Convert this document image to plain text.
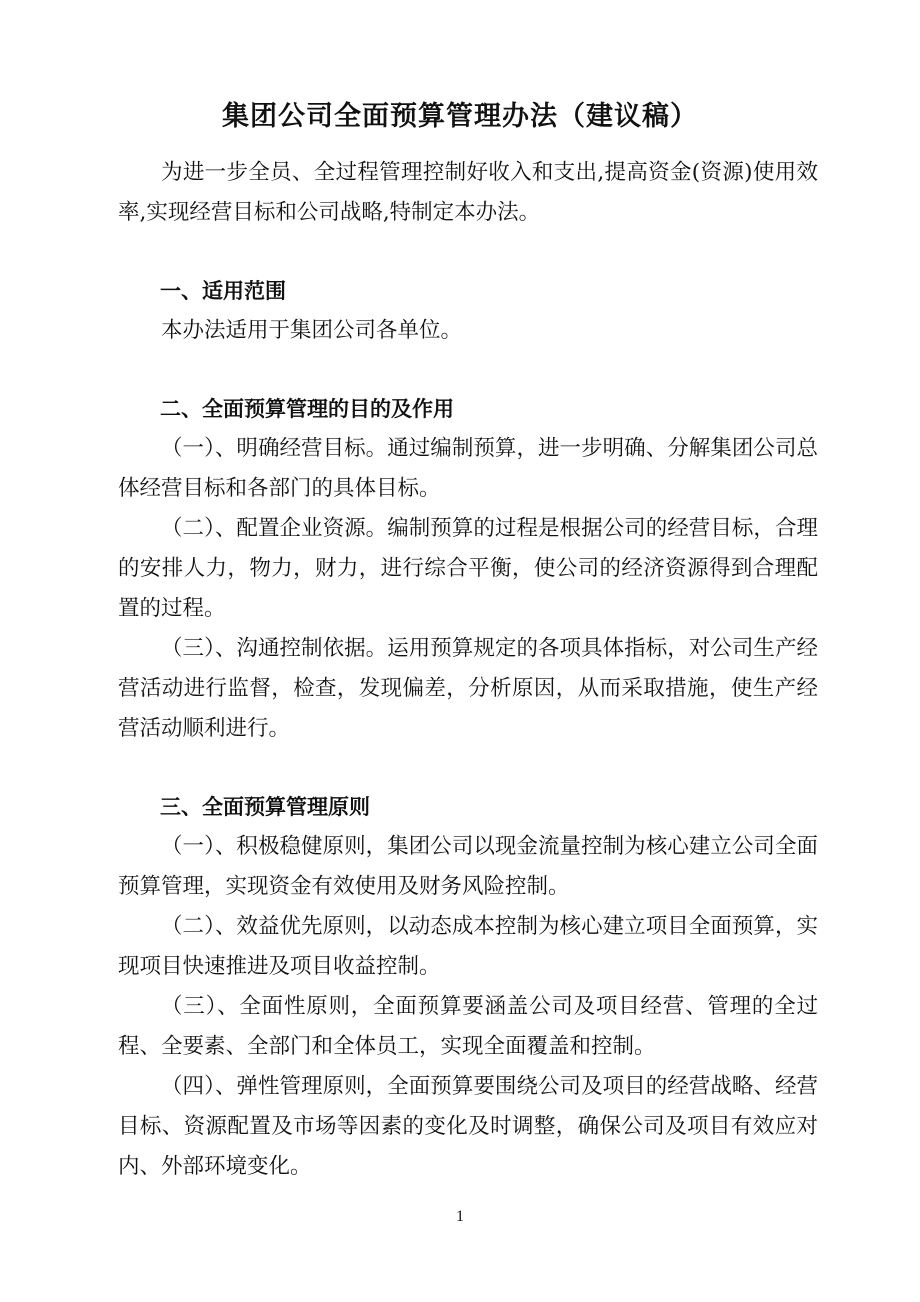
集团公司全面预算管理办法（建议稿）

为进一步全员、全过程管理控制好收入和支出,提高资金(资源)使用效率,实现经营目标和公司战略,特制定本办法。

一、适用范围

本办法适用于集团公司各单位。

二、全面预算管理的目的及作用

（一）、明确经营目标。通过编制预算，进一步明确、分解集团公司总体经营目标和各部门的具体目标。

（二）、配置企业资源。编制预算的过程是根据公司的经营目标，合理的安排人力，物力，财力，进行综合平衡，使公司的经济资源得到合理配置的过程。

（三）、沟通控制依据。运用预算规定的各项具体指标，对公司生产经营活动进行监督，检查，发现偏差，分析原因，从而采取措施，使生产经营活动顺利进行。

三、全面预算管理原则

（一）、积极稳健原则，集团公司以现金流量控制为核心建立公司全面预算管理，实现资金有效使用及财务风险控制。

（二）、效益优先原则，以动态成本控制为核心建立项目全面预算，实现项目快速推进及项目收益控制。

（三）、全面性原则，全面预算要涵盖公司及项目经营、管理的全过程、全要素、全部门和全体员工，实现全面覆盖和控制。

（四）、弹性管理原则，全面预算要围绕公司及项目的经营战略、经营目标、资源配置及市场等因素的变化及时调整，确保公司及项目有效应对内、外部环境变化。

1
